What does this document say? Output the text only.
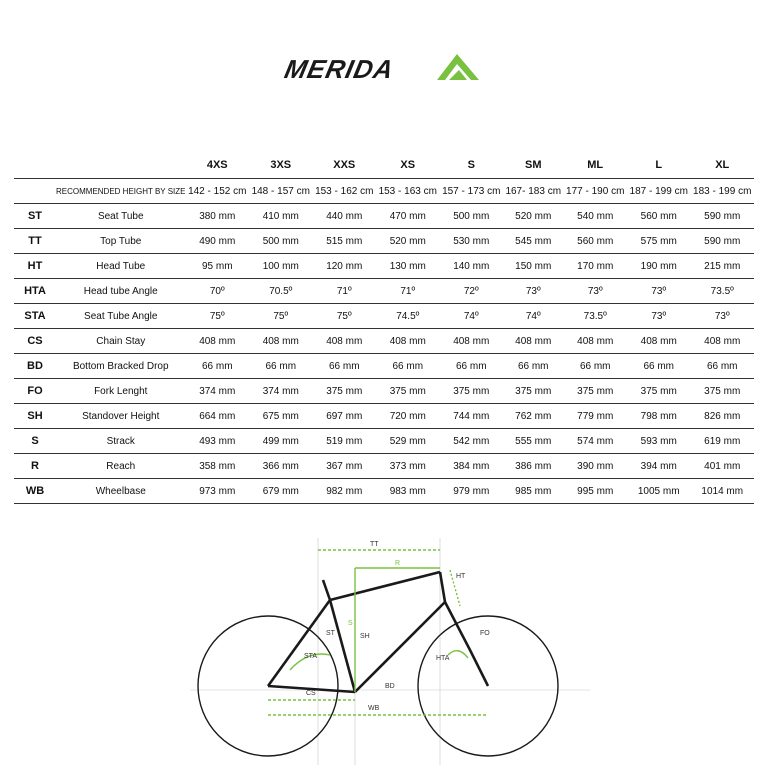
MERIDA
		4XS	3XS	XXS	XS	S	SM	ML	L	XL
	RECOMMENDED HEIGHT BY SIZE	142 - 152 cm	148 - 157 cm	153 - 162 cm	153 - 163 cm	157 - 173 cm	167- 183 cm	177 - 190 cm	187 - 199 cm	183 - 199 cm
ST	Seat Tube	380 mm	410 mm	440 mm	470 mm	500 mm	520 mm	540 mm	560 mm	590 mm
TT	Top Tube	490 mm	500 mm	515 mm	520 mm	530 mm	545 mm	560 mm	575 mm	590 mm
HT	Head Tube	95 mm	100 mm	120 mm	130 mm	140 mm	150 mm	170 mm	190 mm	215 mm
HTA	Head tube Angle	70º	70.5º	71º	71º	72º	73º	73º	73º	73.5º
STA	Seat Tube Angle	75º	75º	75º	74.5º	74º	74º	73.5º	73º	73º
CS	Chain Stay	408 mm	408 mm	408 mm	408 mm	408 mm	408 mm	408 mm	408 mm	408 mm
BD	Bottom Bracked Drop	66 mm	66 mm	66 mm	66 mm	66 mm	66 mm	66 mm	66 mm	66 mm
FO	Fork Lenght	374 mm	374 mm	375 mm	375 mm	375 mm	375 mm	375 mm	375 mm	375 mm
SH	Standover Height	664 mm	675 mm	697 mm	720 mm	744 mm	762 mm	779 mm	798 mm	826 mm
S	Strack	493 mm	499 mm	519 mm	529 mm	542 mm	555 mm	574 mm	593 mm	619 mm
R	Reach	358 mm	366 mm	367 mm	373 mm	384 mm	386 mm	390 mm	394 mm	401 mm
WB	Wheelbase	973 mm	679 mm	982 mm	983 mm	979 mm	985 mm	995 mm	1005 mm	1014 mm
TT
R
HT
ST
S
SH
STA
FO
HTA
CS
BD
WB
